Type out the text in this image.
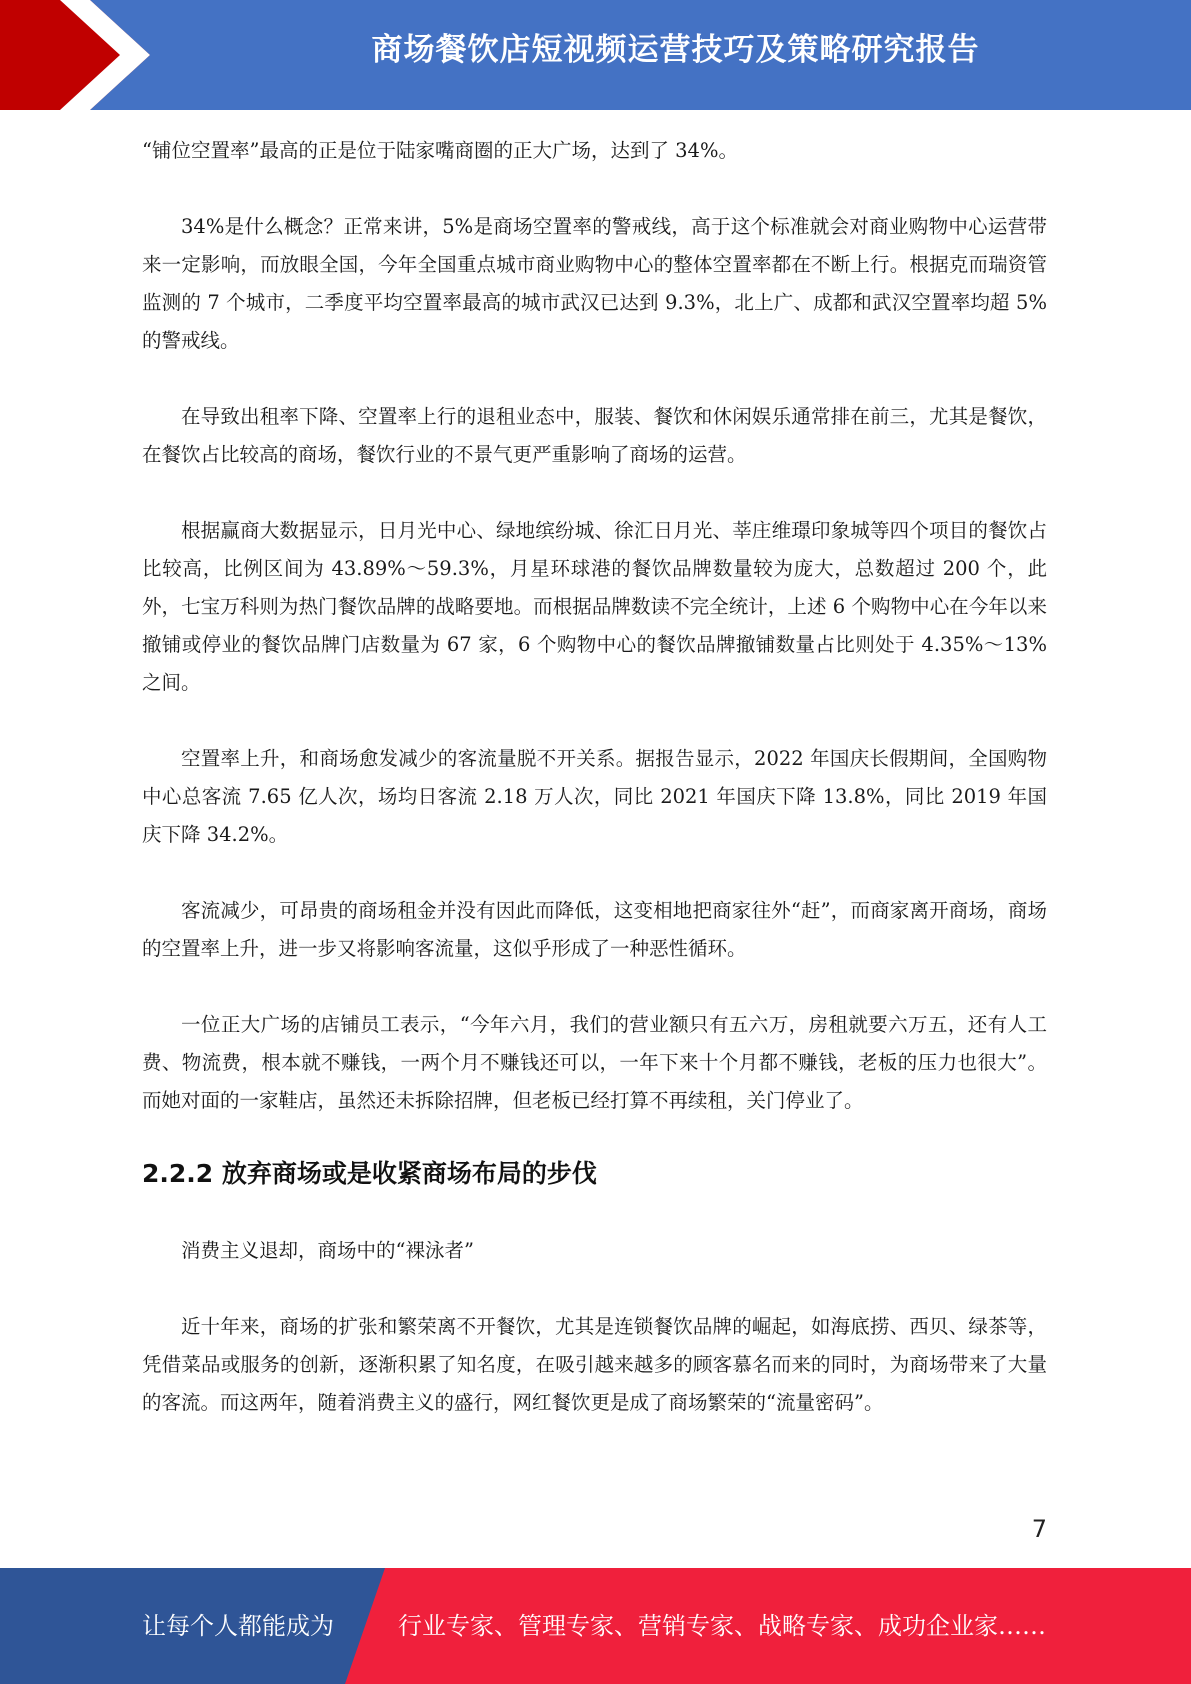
商场餐饮店短视频运营技巧及策略研究报告

“铺位空置率”最高的正是位于陆家嘴商圈的正大广场，达到了 34%。

34%是什么概念？正常来讲，5%是商场空置率的警戒线，高于这个标准就会对商业购物中心运营带来一定影响，而放眼全国，今年全国重点城市商业购物中心的整体空置率都在不断上行。根据克而瑞资管监测的 7 个城市，二季度平均空置率最高的城市武汉已达到 9.3%，北上广、成都和武汉空置率均超 5%的警戒线。

在导致出租率下降、空置率上行的退租业态中，服装、餐饮和休闲娱乐通常排在前三，尤其是餐饮，在餐饮占比较高的商场，餐饮行业的不景气更严重影响了商场的运营。

根据赢商大数据显示，日月光中心、绿地缤纷城、徐汇日月光、莘庄维璟印象城等四个项目的餐饮占比较高，比例区间为 43.89%～59.3%，月星环球港的餐饮品牌数量较为庞大，总数超过 200 个，此外，七宝万科则为热门餐饮品牌的战略要地。而根据品牌数读不完全统计，上述 6 个购物中心在今年以来撤铺或停业的餐饮品牌门店数量为 67 家，6 个购物中心的餐饮品牌撤铺数量占比则处于 4.35%～13%之间。

空置率上升，和商场愈发减少的客流量脱不开关系。据报告显示，2022 年国庆长假期间，全国购物中心总客流 7.65 亿人次，场均日客流 2.18 万人次，同比 2021 年国庆下降 13.8%，同比 2019 年国庆下降 34.2%。

客流减少，可昂贵的商场租金并没有因此而降低，这变相地把商家往外“赶”，而商家离开商场，商场的空置率上升，进一步又将影响客流量，这似乎形成了一种恶性循环。

一位正大广场的店铺员工表示，“今年六月，我们的营业额只有五六万，房租就要六万五，还有人工费、物流费，根本就不赚钱，一两个月不赚钱还可以，一年下来十个月都不赚钱，老板的压力也很大”。而她对面的一家鞋店，虽然还未拆除招牌，但老板已经打算不再续租，关门停业了。

2.2.2 放弃商场或是收紧商场布局的步伐

消费主义退却，商场中的“裸泳者”

近十年来，商场的扩张和繁荣离不开餐饮，尤其是连锁餐饮品牌的崛起，如海底捞、西贝、绿茶等，凭借菜品或服务的创新，逐渐积累了知名度，在吸引越来越多的顾客慕名而来的同时，为商场带来了大量的客流。而这两年，随着消费主义的盛行，网红餐饮更是成了商场繁荣的“流量密码”。

7
让每个人都能成为	行业专家、管理专家、营销专家、战略专家、成功企业家……
